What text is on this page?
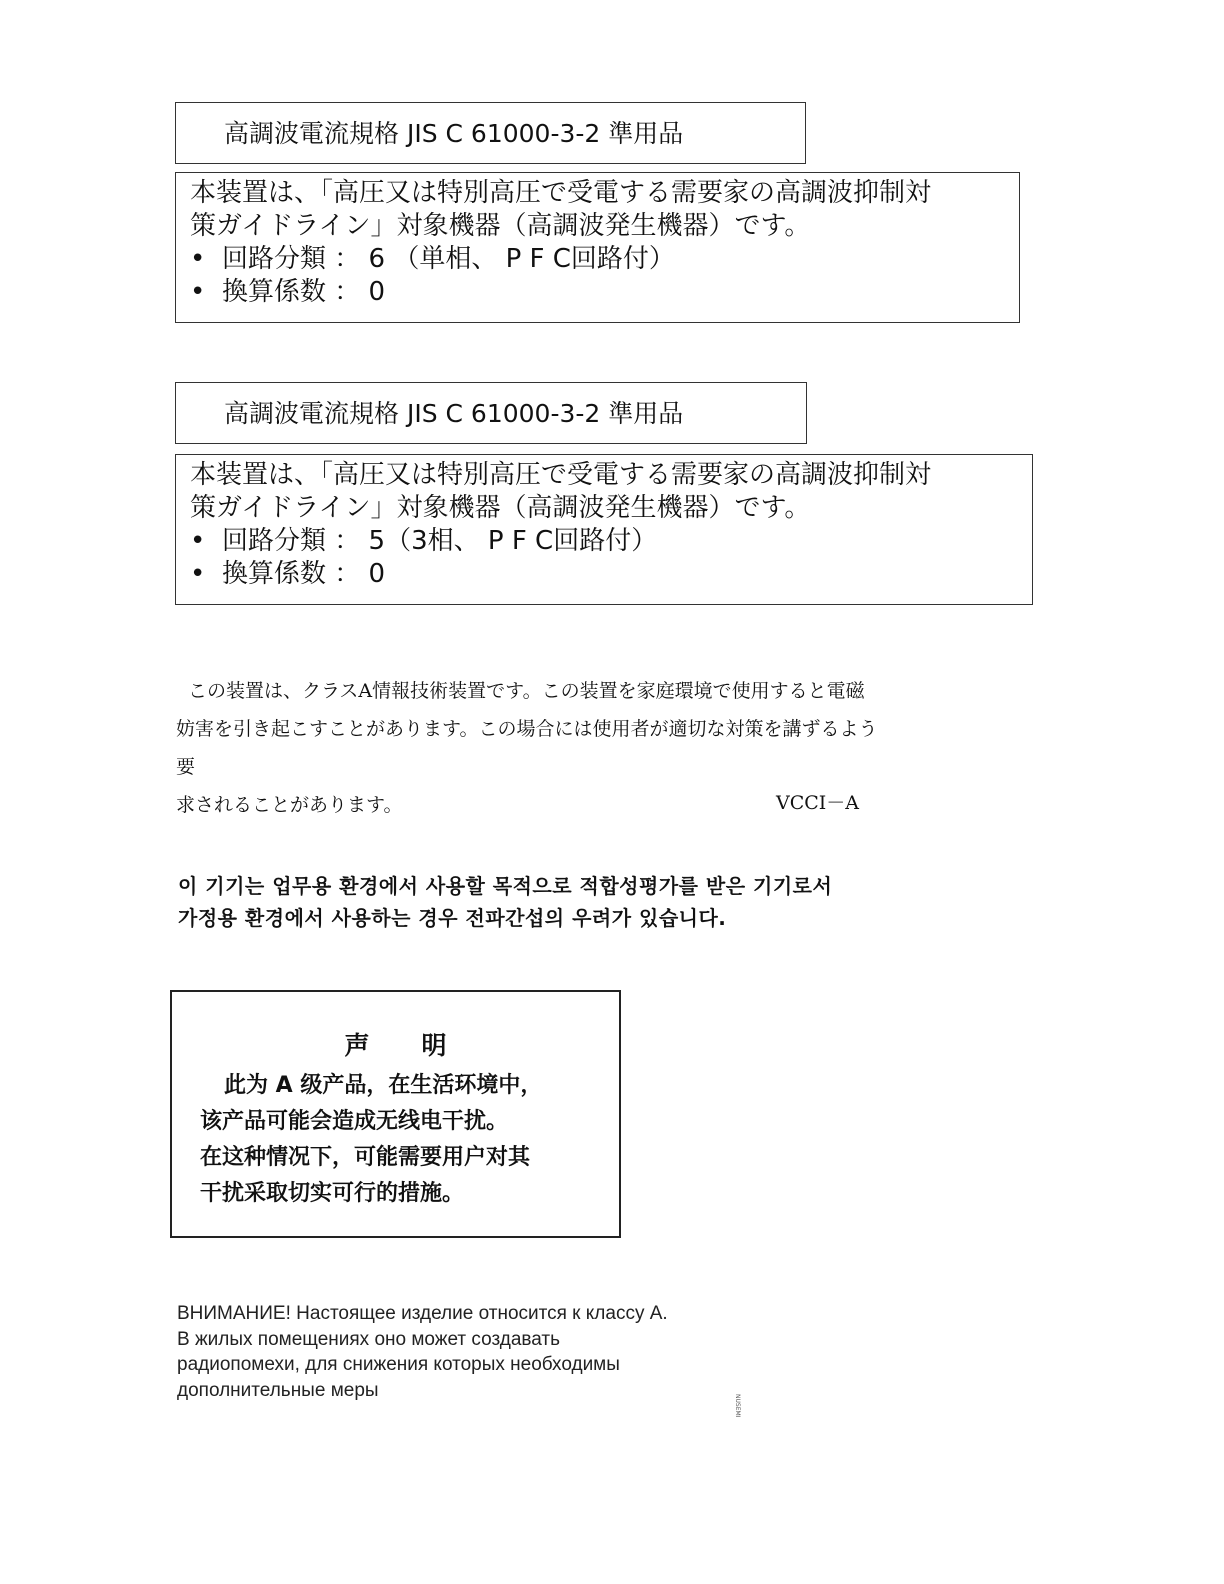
高調波電流規格 JIS C 61000-3-2 準用品
本装置は、「高圧又は特別高圧で受電する需要家の高調波抑制対
策ガイドライン」対象機器（高調波発生機器）です。
• 回路分類 ： 6 （単相、 P F C回路付）
• 換算係数 ： 0
高調波電流規格 JIS C 61000-3-2 準用品
本装置は、「高圧又は特別高圧で受電する需要家の高調波抑制対
策ガイドライン」対象機器（高調波発生機器）です。
• 回路分類 ： 5（3相、 P F C回路付）
• 換算係数 ： 0
この装置は、クラスA情報技術装置です。この装置を家庭環境で使用すると電磁
妨害を引き起こすことがあります。この場合には使用者が適切な対策を講ずるよう要
求されることがあります。	VCCI－A
이 기기는 업무용 환경에서 사용할 목적으로 적합성평가를 받은 기기로서
가정용 환경에서 사용하는 경우 전파간섭의 우려가 있습니다.
声明
此为 A 级产品，在生活环境中，
该产品可能会造成无线电干扰。
在这种情况下，可能需要用户对其
干扰采取切实可行的措施。
ВНИМАНИЕ! Настоящее изделие относится к классу А.
В жилых помещениях оно может создавать
радиопомехи, для снижения которых необходимы
дополнительные меры
NUSEMI
